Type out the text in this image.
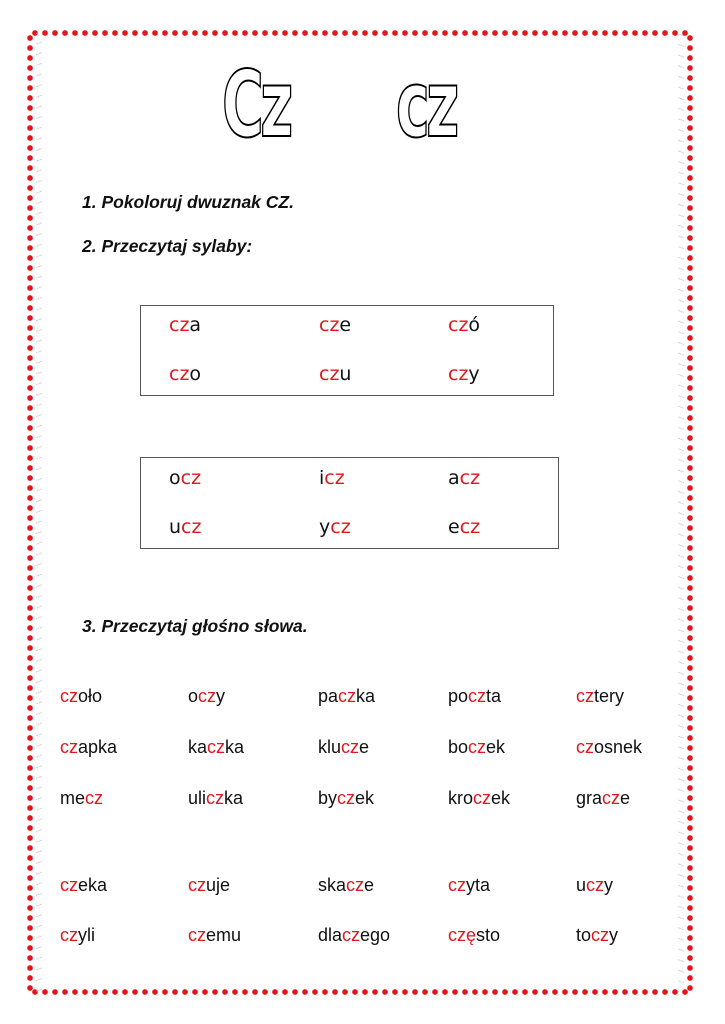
Cz cz
1. Pokoloruj dwuznak CZ.
2. Przeczytaj sylaby:
cza	cze	czó
czo	czu	czy
ocz	icz	acz
ucz	ycz	ecz
3. Przeczytaj głośno słowa.
czoło	oczy	paczka	poczta	cztery
czapka	kaczka	klucze	boczek	czosnek
mecz	uliczka	byczek	kroczek	gracze
czeka	czuje	skacze	czyta	uczy
czyli	czemu	dlaczego	często	toczy
